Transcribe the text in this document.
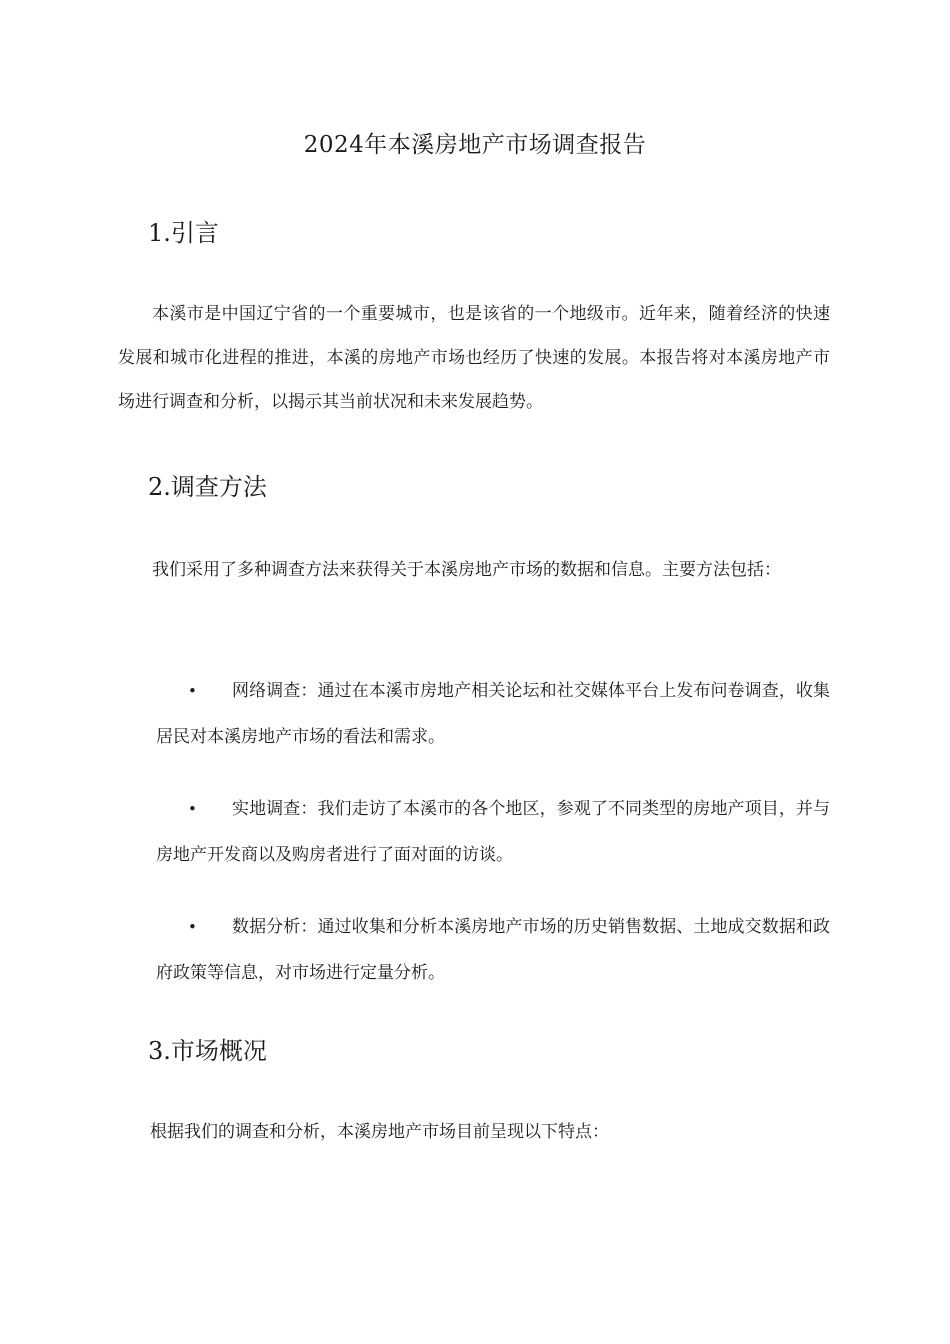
2024年本溪房地产市场调查报告
1.引言
本溪市是中国辽宁省的一个重要城市，也是该省的一个地级市。近年来，随着经济的快速发展和城市化进程的推进，本溪的房地产市场也经历了快速的发展。本报告将对本溪房地产市场进行调查和分析，以揭示其当前状况和未来发展趋势。
2.调查方法
我们采用了多种调查方法来获得关于本溪房地产市场的数据和信息。主要方法包括：
• 网络调查：通过在本溪市房地产相关论坛和社交媒体平台上发布问卷调查，收集居民对本溪房地产市场的看法和需求。
• 实地调查：我们走访了本溪市的各个地区，参观了不同类型的房地产项目，并与房地产开发商以及购房者进行了面对面的访谈。
• 数据分析：通过收集和分析本溪房地产市场的历史销售数据、土地成交数据和政府政策等信息，对市场进行定量分析。
3.市场概况
根据我们的调查和分析，本溪房地产市场目前呈现以下特点：
